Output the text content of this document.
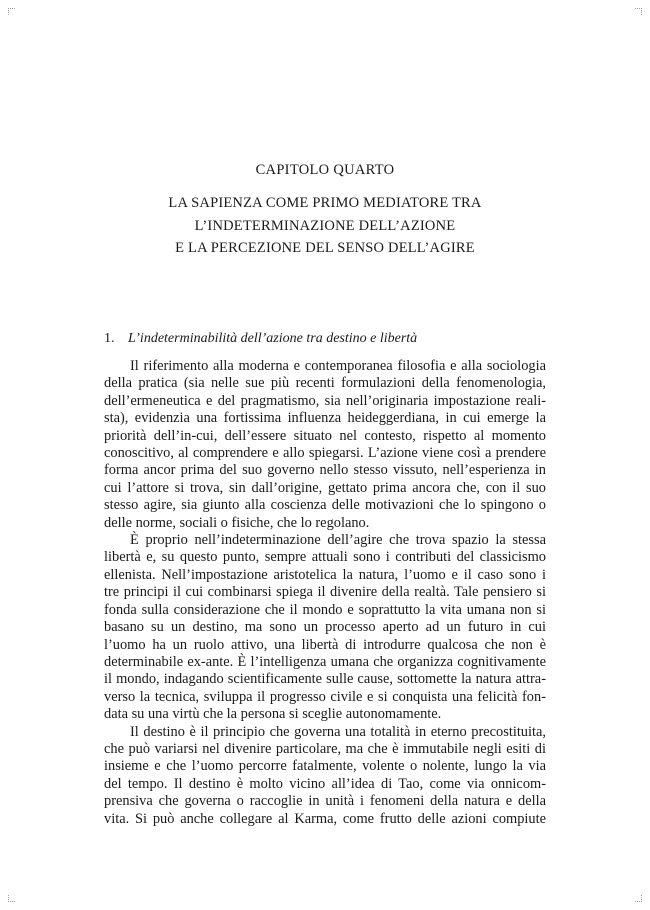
CAPITOLO QUARTO
LA SAPIENZA COME PRIMO MEDIATORE TRA
L’INDETERMINAZIONE DELL’AZIONE
E LA PERCEZIONE DEL SENSO DELL’AGIRE
1. L’indeterminabilità dell’azione tra destino e libertà

Il riferimento alla moderna e contemporanea filosofia e alla sociologia
della pratica (sia nelle sue più recenti formulazioni della fenomenologia,
dell’ermeneutica e del pragmatismo, sia nell’originaria impostazione reali-
sta), evidenzia una fortissima influenza heideggerdiana, in cui emerge la
priorità dell’in-cui, dell’essere situato nel contesto, rispetto al momento
conoscitivo, al comprendere e allo spiegarsi. L’azione viene così a prendere
forma ancor prima del suo governo nello stesso vissuto, nell’esperienza in
cui l’attore si trova, sin dall’origine, gettato prima ancora che, con il suo
stesso agire, sia giunto alla coscienza delle motivazioni che lo spingono o
delle norme, sociali o fisiche, che lo regolano.

È proprio nell’indeterminazione dell’agire che trova spazio la stessa
libertà e, su questo punto, sempre attuali sono i contributi del classicismo
ellenista. Nell’impostazione aristotelica la natura, l’uomo e il caso sono i
tre principi il cui combinarsi spiega il divenire della realtà. Tale pensiero si
fonda sulla considerazione che il mondo e soprattutto la vita umana non si
basano su un destino, ma sono un processo aperto ad un futuro in cui
l’uomo ha un ruolo attivo, una libertà di introdurre qualcosa che non è
determinabile ex-ante. È l’intelligenza umana che organizza cognitivamente
il mondo, indagando scientificamente sulle cause, sottomette la natura attra-
verso la tecnica, sviluppa il progresso civile e si conquista una felicità fon-
data su una virtù che la persona si sceglie autonomamente.

Il destino è il principio che governa una totalità in eterno precostituita,
che può variarsi nel divenire particolare, ma che è immutabile negli esiti di
insieme e che l’uomo percorre fatalmente, volente o nolente, lungo la via
del tempo. Il destino è molto vicino all’idea di Tao, come via onnicom-
prensiva che governa o raccoglie in unità i fenomeni della natura e della
vita. Si può anche collegare al Karma, come frutto delle azioni compiute
